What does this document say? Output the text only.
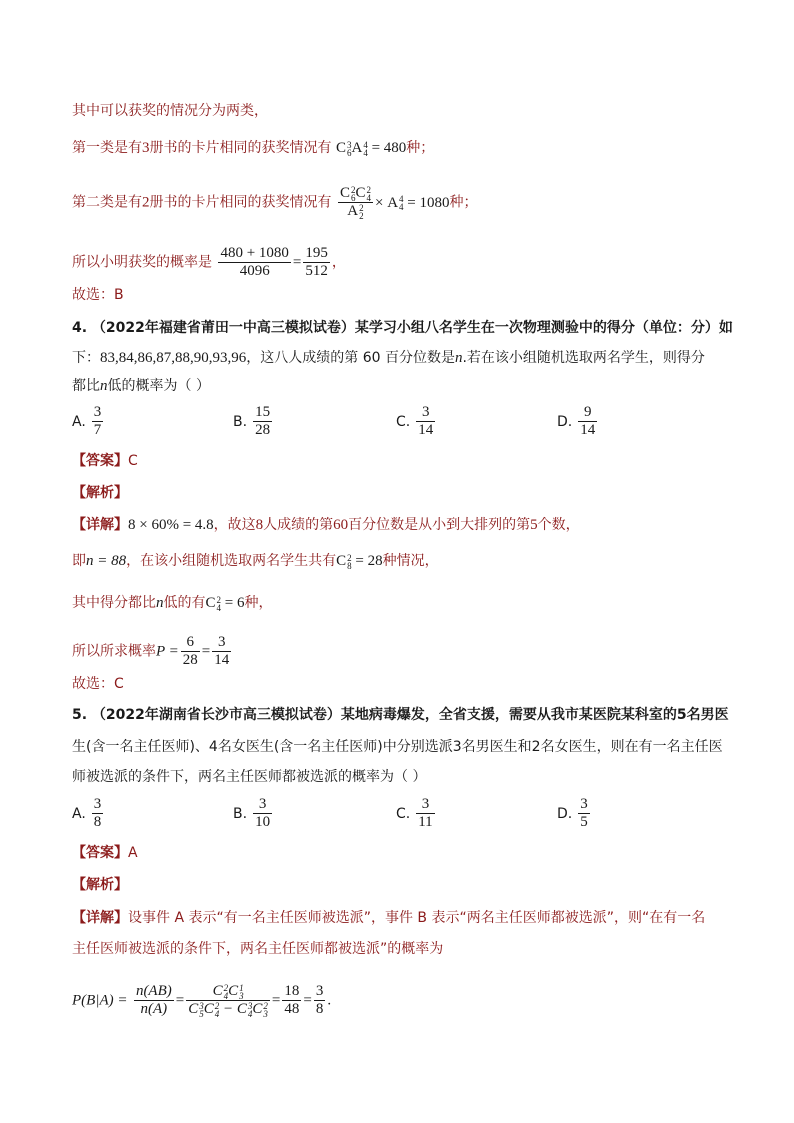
其中可以获奖的情况分为两类，
第一类是有3册书的卡片相同的获奖情况有 C 3
6 A 4
4 = 480种；
第二类是有2册书的卡片相同的获奖情况有 C 2
6 C 2
4
A 2
2 × A 4
4 = 1080种；
所以小明获奖的概率是 $\frac{480 + 1080}{4096} = \frac{195}{512}$ ，
故选：B
4. （2022年福建省莆田一中高三模拟试卷）某学习小组八名学生在一次物理测验中的得分（单位：分）如
下：83,84,86,87,88,90,93,96，这八人成绩的第 60 百分位数是n.若在该小组随机选取两名学生，则得分
都比n低的概率为（ ）
A. $\frac{3}{7}$	B. $\frac{15}{28}$	C. $\frac{3}{14}$	D. $\frac{9}{14}$
【答案】C
【解析】
【详解】8 × 60% = 4.8，故这8人成绩的第60百分位数是从小到大排列的第5个数，
即n = 88，在该小组随机选取两名学生共有C 2
8 = 28种情况，
其中得分都比n低的有C 2
4 = 6种，
所以所求概率$P = \frac{6}{28} = \frac{3}{14}$
故选：C
5. （2022年湖南省长沙市高三模拟试卷）某地病毒爆发，全省支援，需要从我市某医院某科室的5名男医
生(含一名主任医师)、4名女医生(含一名主任医师)中分别选派3名男医生和2名女医生，则在有一名主任医
师被选派的条件下，两名主任医师都被选派的概率为（ ）
A. $\frac{3}{8}$	B. $\frac{3}{10}$	C. $\frac{3}{11}$	D. $\frac{3}{5}$
【答案】A
【解析】
【详解】设事件 A 表示“有一名主任医师被选派”，事件 B 表示“两名主任医师都被选派”，则“在有一名
主任医师被选派的条件下，两名主任医师都被选派”的概率为
$P(B|A) = \frac{n(AB)}{n(A)} = C$ 2
4 C 1
3
C 3
5 C 2
4 − C 3
4 C 2
$3 = \frac{18}{48} = \frac{3}{8}$ .
